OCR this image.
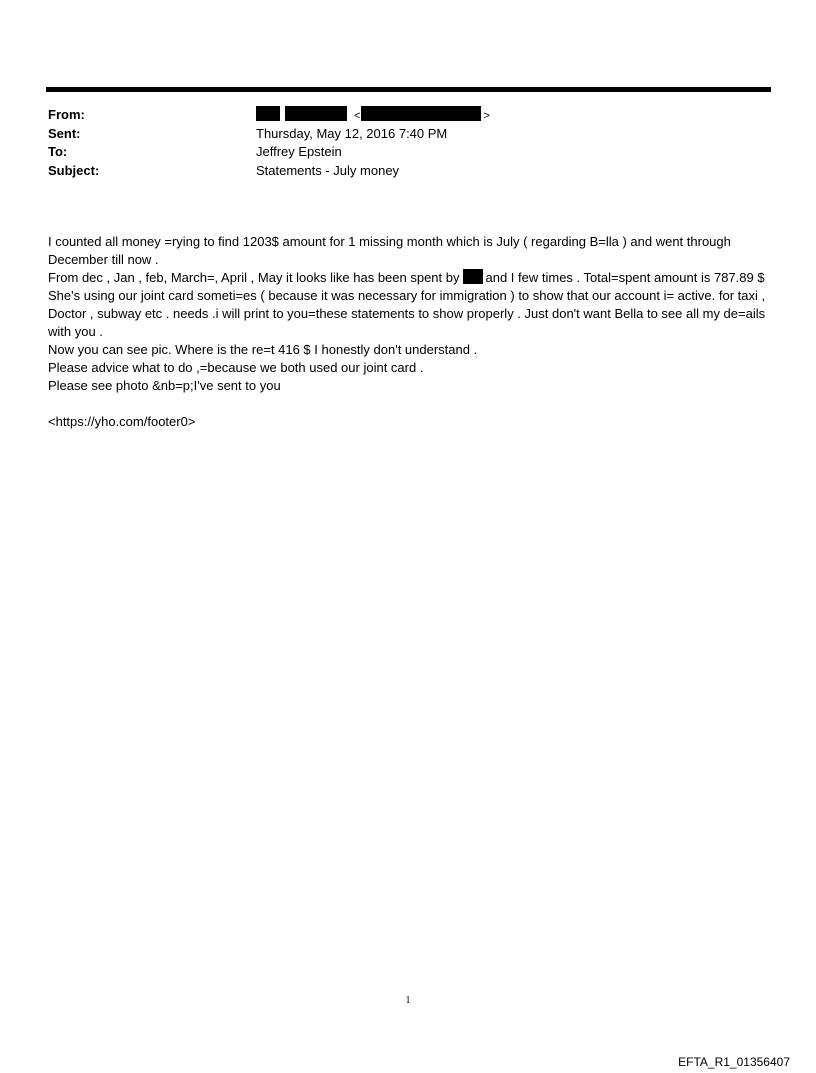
From:	<	>
Sent:	Thursday, May 12, 2016 7:40 PM
To:	Jeffrey Epstein
Subject:	Statements - July money

I counted all money =rying to find 1203$ amount for 1 missing month which is July ( regarding B=lla ) and went through December till now .

From dec , Jan , feb, March=, April , May it looks like has been spent by and I few times . Total=spent amount is 787.89 $ She's using our joint card someti=es ( because it was necessary for immigration ) to show that our account i= active. for taxi , Doctor , subway etc . needs .i will print to you=these statements to show properly . Just don't want Bella to see all my de=ails with you .

Now you can see pic. Where is the re=t 416 $ I honestly don't understand .

Please advice what to do ,=because we both used our joint card .

Please see photo &nb=p;I've sent to you

<https://yho.com/footer0>

1
EFTA_R1_01356407
